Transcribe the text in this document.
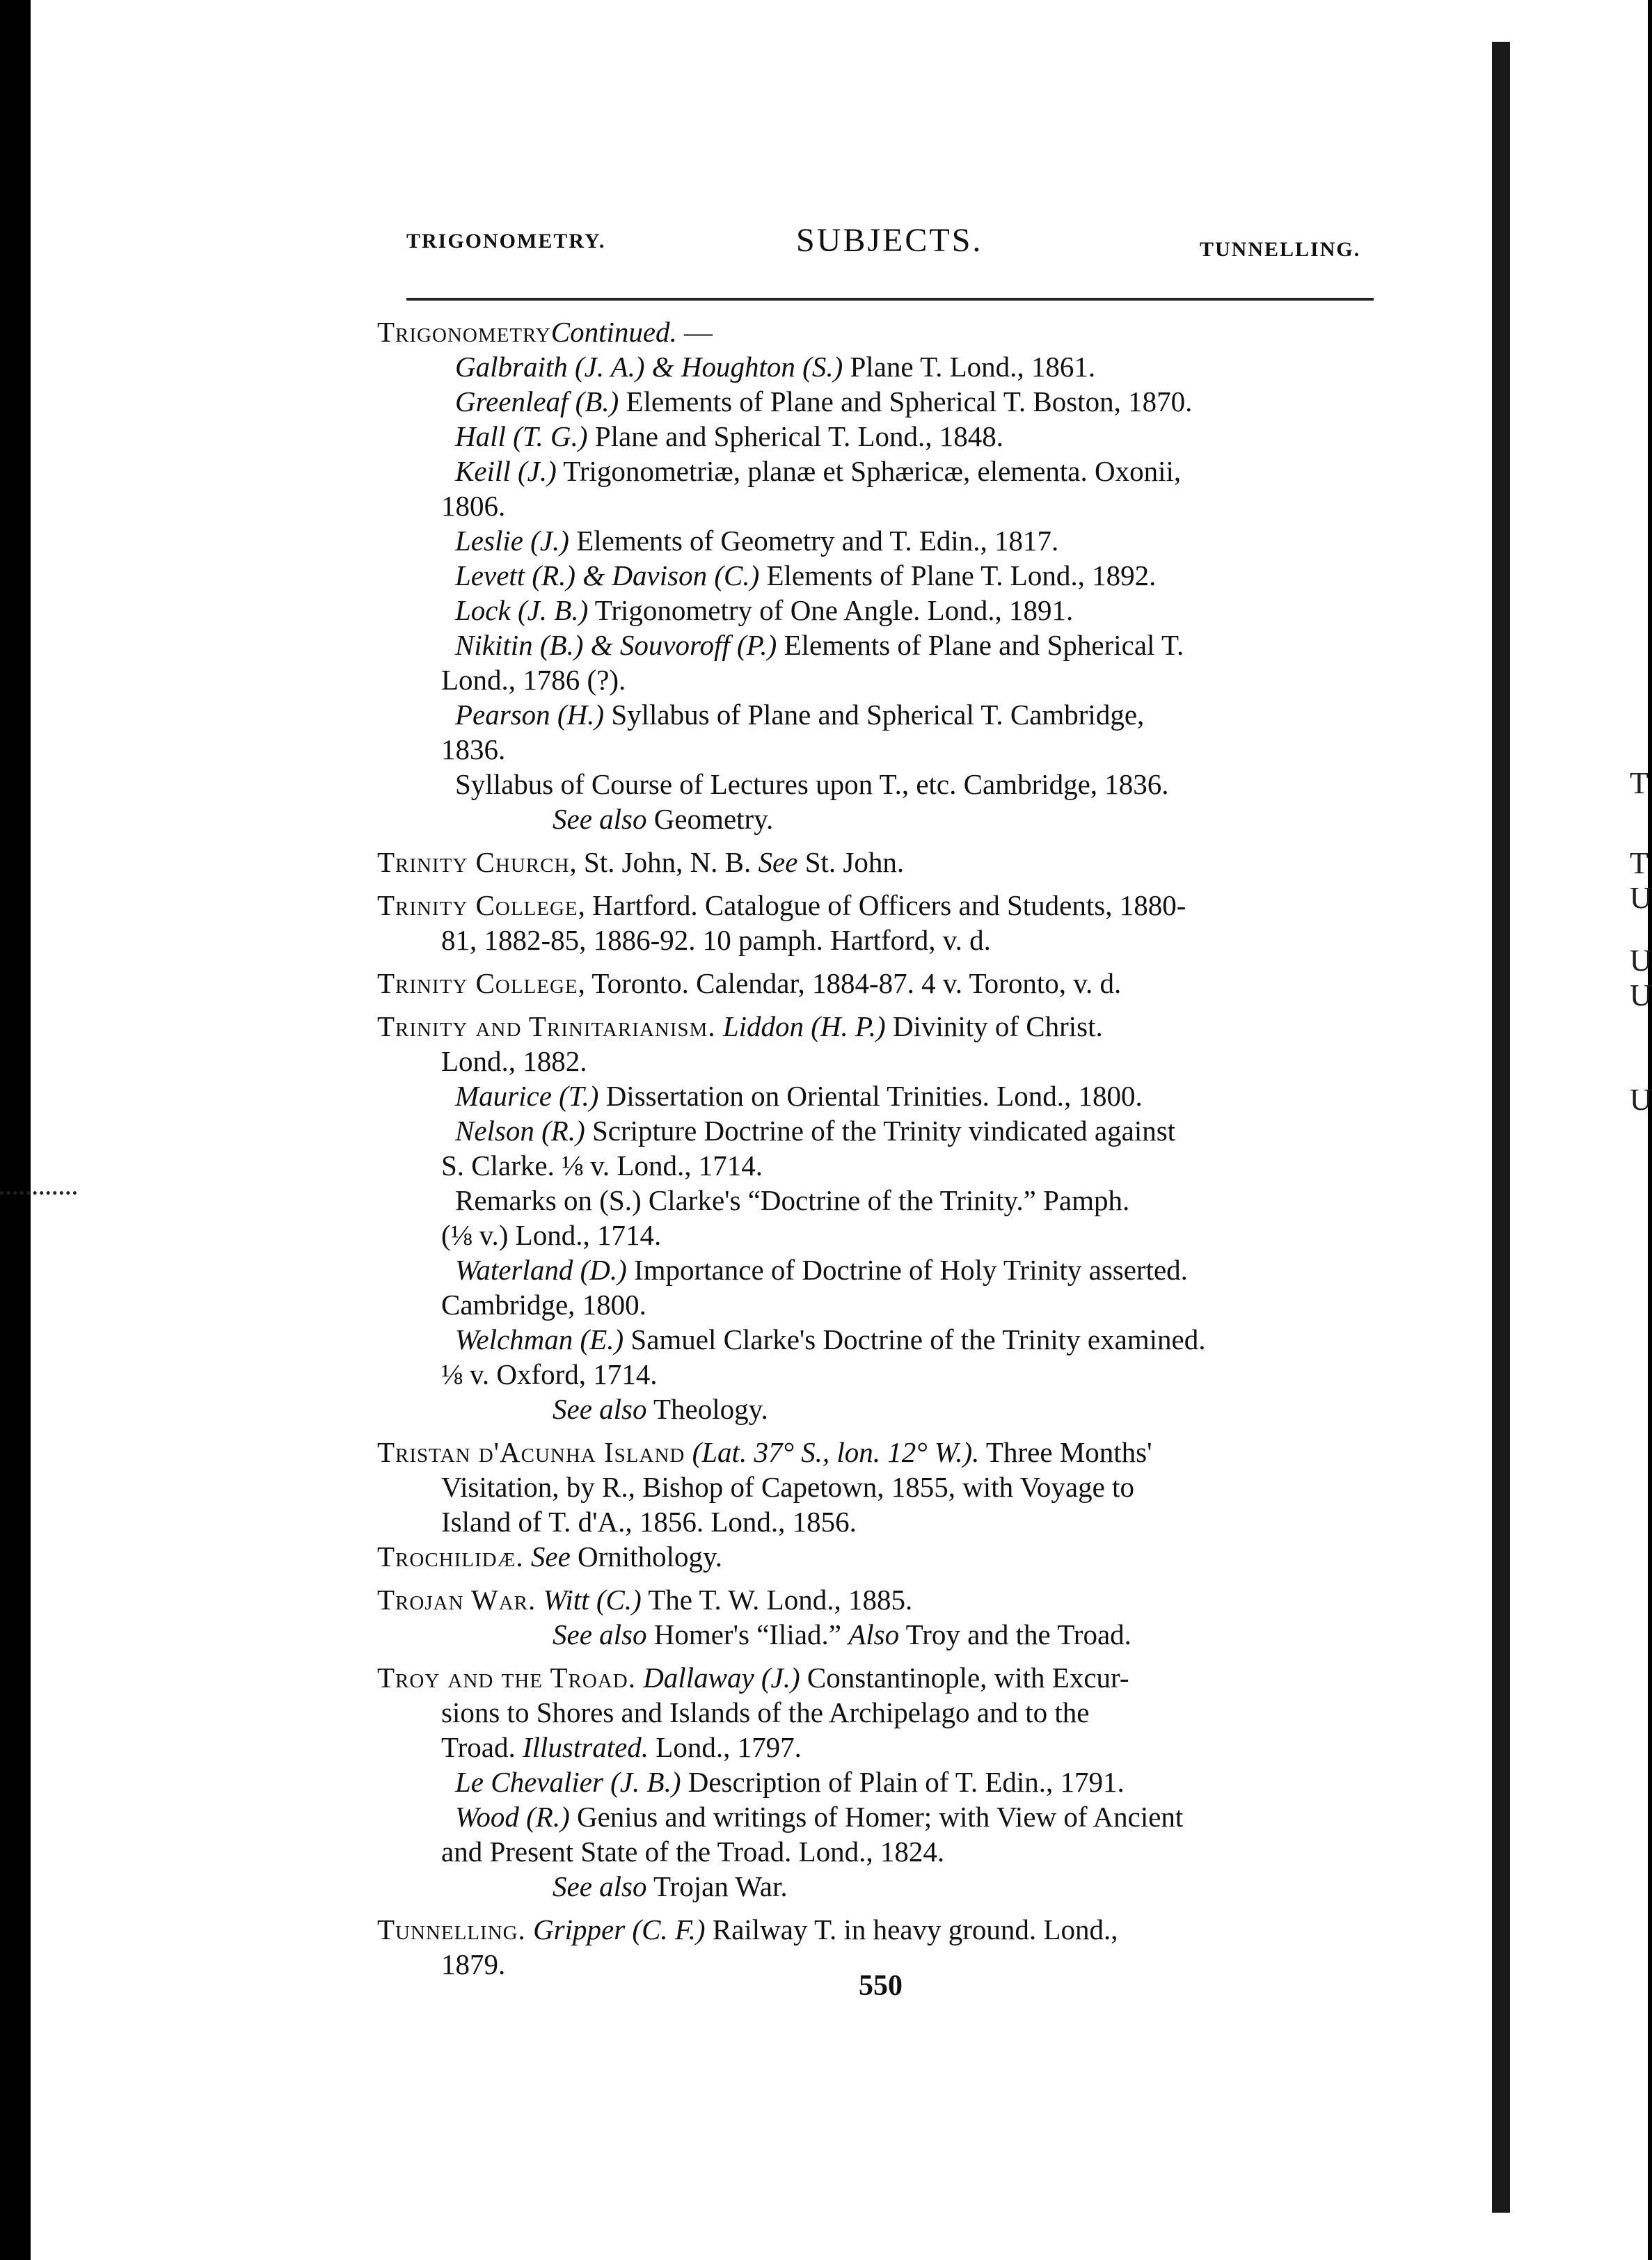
TRIGONOMETRY.	SUBJECTS.	TUNNELLING.
TrigonometryContinued. —
Galbraith (J. A.) & Houghton (S.) Plane T. Lond., 1861.
Greenleaf (B.) Elements of Plane and Spherical T. Boston, 1870.
Hall (T. G.) Plane and Spherical T. Lond., 1848.
Keill (J.) Trigonometriæ, planæ et Sphæricæ, elementa. Oxonii,
1806.
Leslie (J.) Elements of Geometry and T. Edin., 1817.
Levett (R.) & Davison (C.) Elements of Plane T. Lond., 1892.
Lock (J. B.) Trigonometry of One Angle. Lond., 1891.
Nikitin (B.) & Souvoroff (P.) Elements of Plane and Spherical T.
Lond., 1786 (?).
Pearson (H.) Syllabus of Plane and Spherical T. Cambridge,
1836.
Syllabus of Course of Lectures upon T., etc. Cambridge, 1836.
See also Geometry.
Trinity Church, St. John, N. B. See St. John.
Trinity College, Hartford. Catalogue of Officers and Students, 1880-
81, 1882-85, 1886-92. 10 pamph. Hartford, v. d.
Trinity College, Toronto. Calendar, 1884-87. 4 v. Toronto, v. d.
Trinity and Trinitarianism. Liddon (H. P.) Divinity of Christ.
Lond., 1882.
Maurice (T.) Dissertation on Oriental Trinities. Lond., 1800.
Nelson (R.) Scripture Doctrine of the Trinity vindicated against
S. Clarke. ⅛ v. Lond., 1714.
Remarks on (S.) Clarke's “Doctrine of the Trinity.” Pamph.
(⅛ v.) Lond., 1714.
Waterland (D.) Importance of Doctrine of Holy Trinity asserted.
Cambridge, 1800.
Welchman (E.) Samuel Clarke's Doctrine of the Trinity examined.
⅛ v. Oxford, 1714.
See also Theology.
Tristan d'Acunha Island (Lat. 37° S., lon. 12° W.). Three Months'
Visitation, by R., Bishop of Capetown, 1855, with Voyage to
Island of T. d'A., 1856. Lond., 1856.
Trochilidæ. See Ornithology.
Trojan War. Witt (C.) The T. W. Lond., 1885.
See also Homer's “Iliad.” Also Troy and the Troad.
Troy and the Troad. Dallaway (J.) Constantinople, with Excur-
sions to Shores and Islands of the Archipelago and to the
Troad. Illustrated. Lond., 1797.
Le Chevalier (J. B.) Description of Plain of T. Edin., 1791.
Wood (R.) Genius and writings of Homer; with View of Ancient
and Present State of the Troad. Lond., 1824.
See also Trojan War.
Tunnelling. Gripper (C. F.) Railway T. in heavy ground. Lond.,
1879.
550
T
T
U
U
U
U
